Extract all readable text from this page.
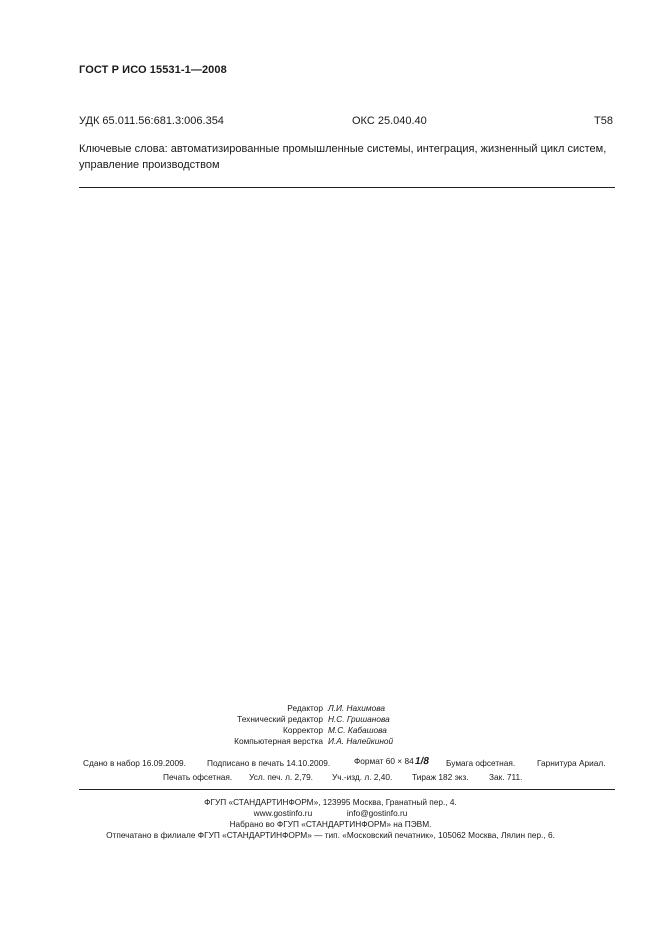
ГОСТ Р ИСО 15531-1—2008
УДК 65.011.56:681.3:006.354	ОКС 25.040.40	Т58
Ключевые слова: автоматизированные промышленные системы, интеграция, жизненный цикл систем, управление производством
Редактор Л.И. Нахимова
Технический редактор Н.С. Гришанова
Корректор М.С. Кабашова
Компьютерная верстка И.А. Налейкиной
Сдано в набор 16.09.2009.	Подписано в печать 14.10.2009.	Формат 60 × 841/8 Бумага офсетная.	Гарнитура Ариал.
Печать офсетная. Усл. печ. л. 2,79. Уч.-изд. л. 2,40. Тираж 182 экз. Зак. 711.
ФГУП «СТАНДАРТИНФОРМ», 123995 Москва, Гранатный пер., 4.
www.gostinfo.ru	info@gostinfo.ru
Набрано во ФГУП «СТАНДАРТИНФОРМ» на ПЭВМ.
Отпечатано в филиале ФГУП «СТАНДАРТИНФОРМ» — тип. «Московский печатник», 105062 Москва, Лялин пер., 6.
